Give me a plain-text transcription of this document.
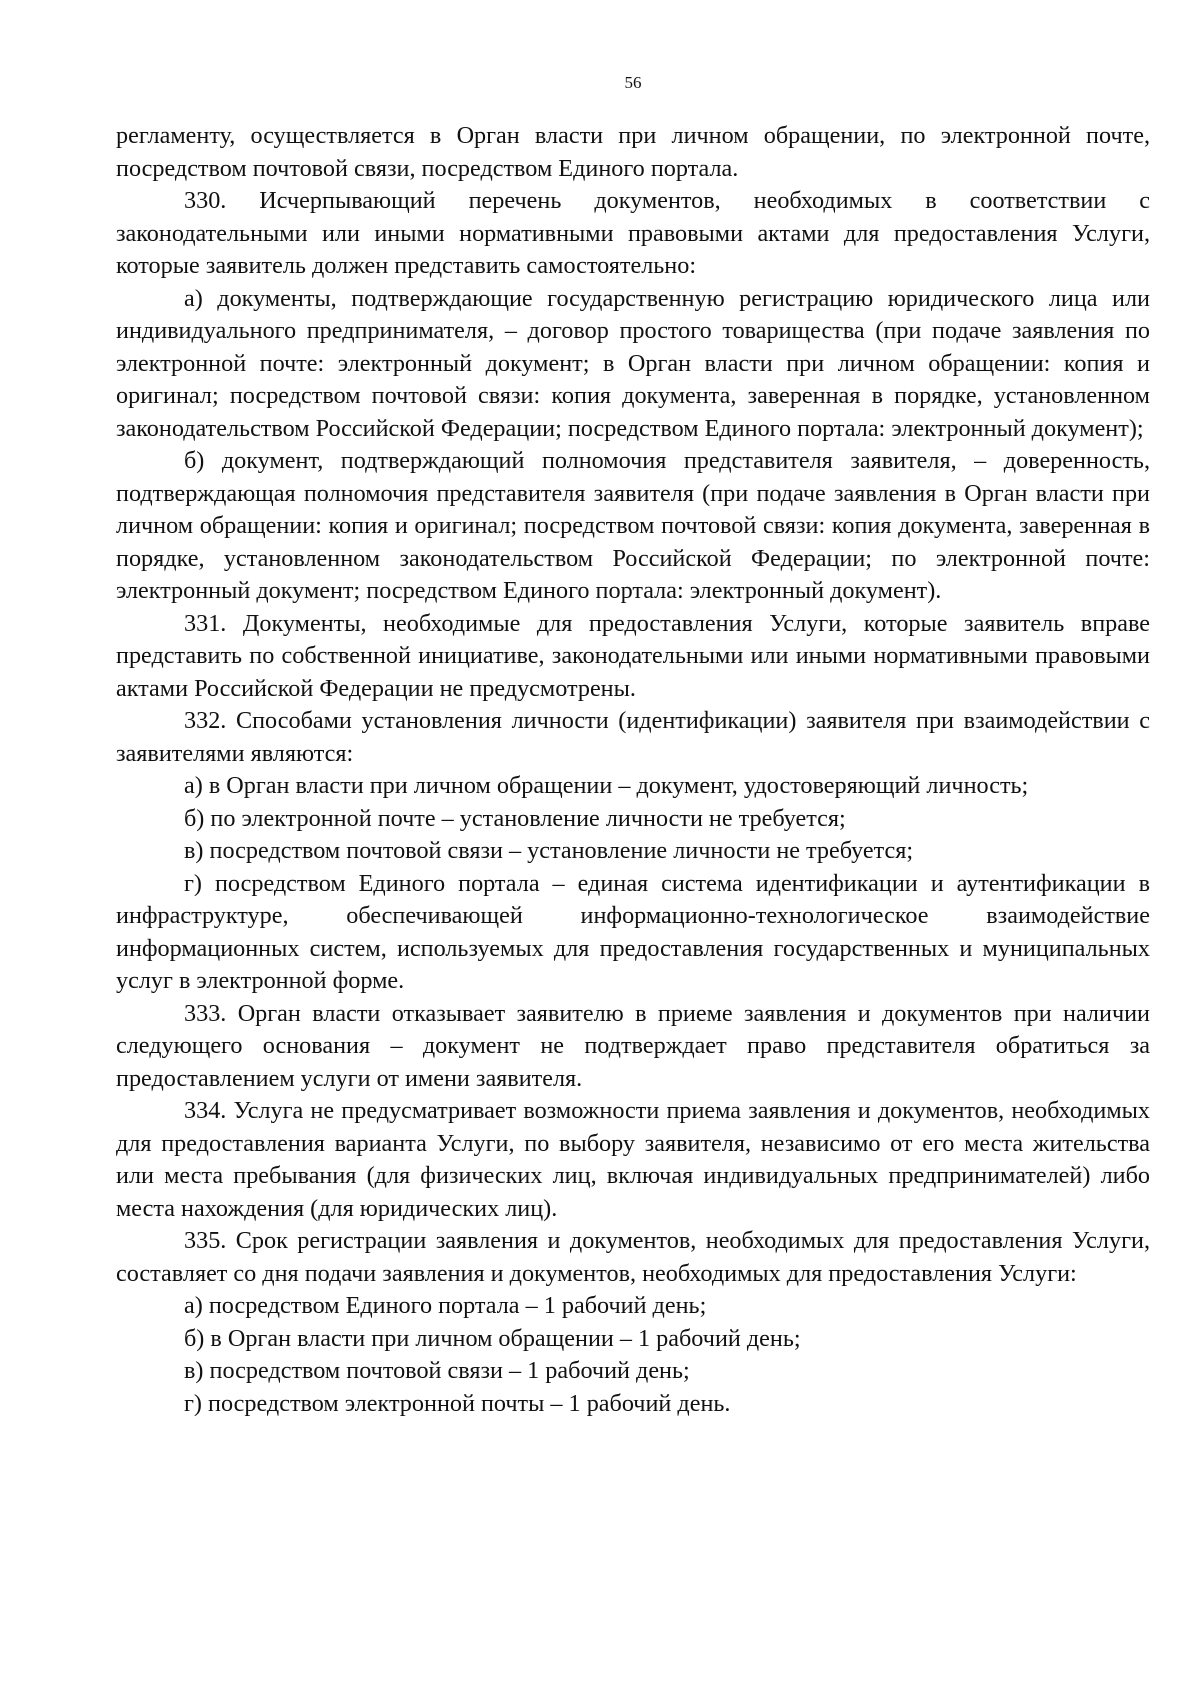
56

регламенту, осуществляется в Орган власти при личном обращении, по электронной почте, посредством почтовой связи, посредством Единого портала.

330. Исчерпывающий перечень документов, необходимых в соответствии с законодательными или иными нормативными правовыми актами для предоставления Услуги, которые заявитель должен представить самостоятельно:

а) документы, подтверждающие государственную регистрацию юридического лица или индивидуального предпринимателя, – договор простого товарищества (при подаче заявления по электронной почте: электронный документ; в Орган власти при личном обращении: копия и оригинал; посредством почтовой связи: копия документа, заверенная в порядке, установленном законодательством Российской Федерации; посредством Единого портала: электронный документ);

б) документ, подтверждающий полномочия представителя заявителя, – доверенность, подтверждающая полномочия представителя заявителя (при подаче заявления в Орган власти при личном обращении: копия и оригинал; посредством почтовой связи: копия документа, заверенная в порядке, установленном законодательством Российской Федерации; по электронной почте: электронный документ; посредством Единого портала: электронный документ).

331. Документы, необходимые для предоставления Услуги, которые заявитель вправе представить по собственной инициативе, законодательными или иными нормативными правовыми актами Российской Федерации не предусмотрены.

332. Способами установления личности (идентификации) заявителя при взаимодействии с заявителями являются:

а) в Орган власти при личном обращении – документ, удостоверяющий личность;

б) по электронной почте – установление личности не требуется;

в) посредством почтовой связи – установление личности не требуется;

г) посредством Единого портала – единая система идентификации и аутентификации в инфраструктуре, обеспечивающей информационно-технологическое взаимодействие информационных систем, используемых для предоставления государственных и муниципальных услуг в электронной форме.

333. Орган власти отказывает заявителю в приеме заявления и документов при наличии следующего основания – документ не подтверждает право представителя обратиться за предоставлением услуги от имени заявителя.

334. Услуга не предусматривает возможности приема заявления и документов, необходимых для предоставления варианта Услуги, по выбору заявителя, независимо от его места жительства или места пребывания (для физических лиц, включая индивидуальных предпринимателей) либо места нахождения (для юридических лиц).

335. Срок регистрации заявления и документов, необходимых для предоставления Услуги, составляет со дня подачи заявления и документов, необходимых для предоставления Услуги:

а) посредством Единого портала – 1 рабочий день;

б) в Орган власти при личном обращении – 1 рабочий день;

в) посредством почтовой связи – 1 рабочий день;

г) посредством электронной почты – 1 рабочий день.
